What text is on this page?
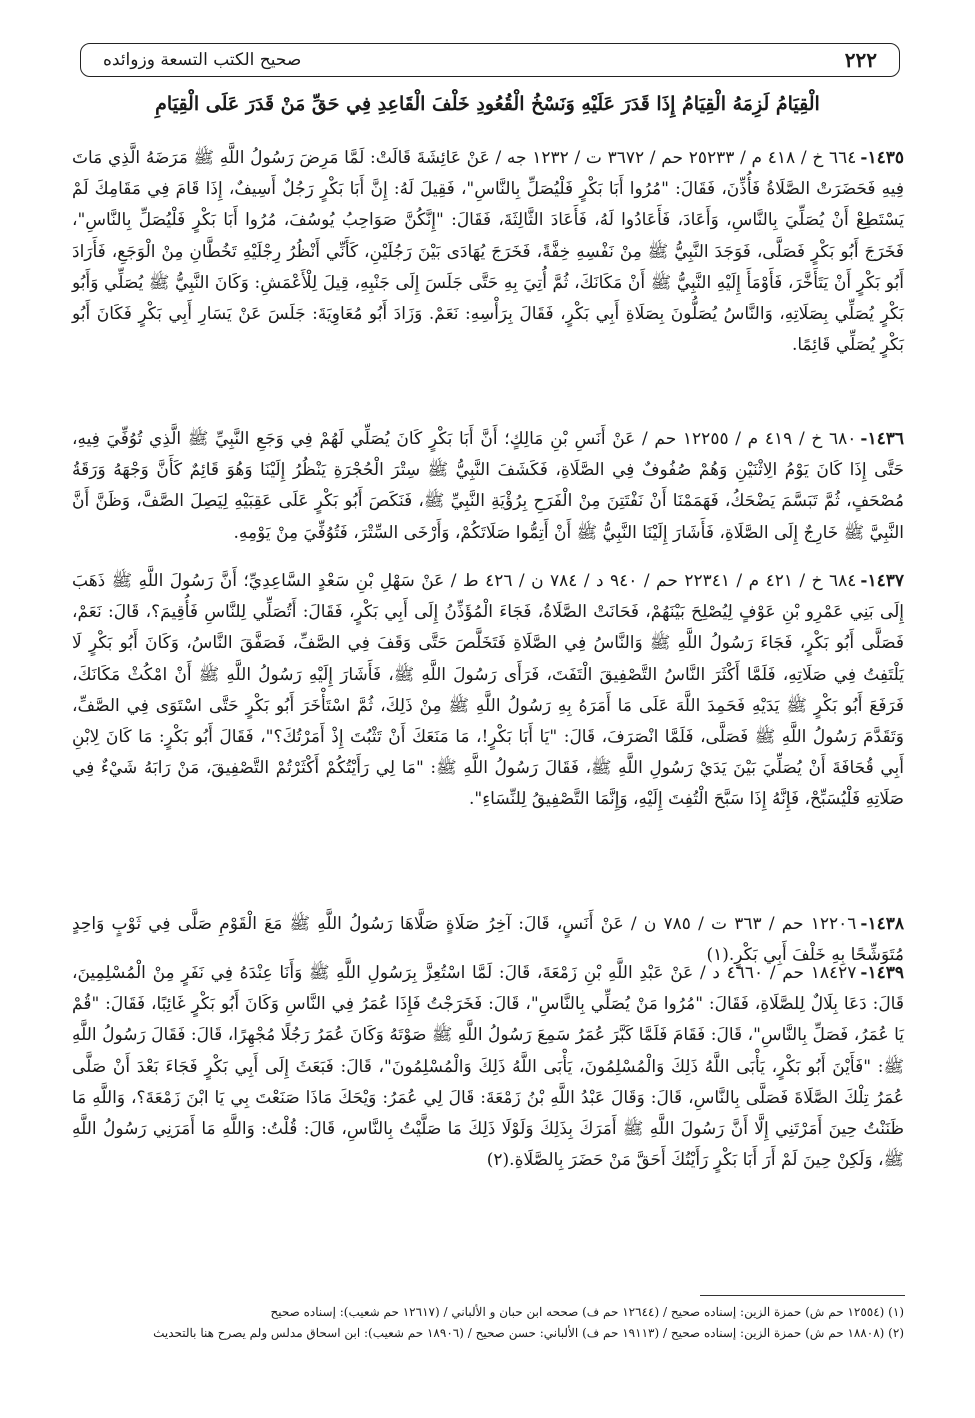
٢٢٢
صحيح الكتب التسعة وزوائده
الْقِيَامُ لَزِمَهُ الْقِيَامُ إِذَا قَدَرَ عَلَيْهِ وَنَسْخُ الْقُعُودِ خَلْفَ الْقَاعِدِ فِي حَقِّ مَنْ قَدَرَ عَلَى الْقِيَامِ

١٤٣٥-٦٦٤ خ / ٤١٨ م / ٢٥٢٣٣ حم / ٣٦٧٢ ت / ١٢٣٢ جه / عَنْ عَائِشَةَ قَالَتْ: لَمَّا مَرِضَ رَسُولُ اللَّهِ ﷺ مَرَضَهُ الَّذِي مَاتَ فِيهِ فَحَضَرَتْ الصَّلَاةُ فَأُذِّنَ، فَقَالَ: "مُرُوا أَبَا بَكْرٍ فَلْيُصَلِّ بِالنَّاسِ"، فَقِيلَ لَهُ: إِنَّ أَبَا بَكْرٍ رَجُلٌ أَسِيفٌ، إِذَا قَامَ فِي مَقَامِكَ لَمْ يَسْتَطِعْ أَنْ يُصَلِّيَ بِالنَّاسِ، وَأَعَادَ، فَأَعَادُوا لَهُ، فَأَعَادَ الثَّالِثَةَ، فَقَالَ: "إِنَّكُنَّ صَوَاحِبُ يُوسُفَ، مُرُوا أَبَا بَكْرٍ فَلْيُصَلِّ بِالنَّاسِ"، فَخَرَجَ أَبُو بَكْرٍ فَصَلَّى، فَوَجَدَ النَّبِيُّ ﷺ مِنْ نَفْسِهِ خِفَّةً، فَخَرَجَ يُهَادَى بَيْنَ رَجُلَيْنِ، كَأَنِّي أَنْظُرُ رِجْلَيْهِ تَخُطَّانِ مِنْ الْوَجَعِ، فَأَرَادَ أَبُو بَكْرٍ أَنْ يَتَأَخَّرَ، فَأَوْمَأَ إِلَيْهِ النَّبِيُّ ﷺ أَنْ مَكَانَكَ، ثُمَّ أُتِيَ بِهِ حَتَّى جَلَسَ إِلَى جَنْبِهِ، قِيلَ لِلْأَعْمَشِ: وَكَانَ النَّبِيُّ ﷺ يُصَلِّي وَأَبُو بَكْرٍ يُصَلِّي بِصَلَاتِهِ، وَالنَّاسُ يُصَلُّونَ بِصَلَاةِ أَبِي بَكْرٍ، فَقَالَ بِرَأْسِهِ: نَعَمْ. وَزَادَ أَبُو مُعَاوِيَةَ: جَلَسَ عَنْ يَسَارِ أَبِي بَكْرٍ فَكَانَ أَبُو بَكْرٍ يُصَلِّي قَائِمًا.

١٤٣٦-٦٨٠ خ / ٤١٩ م / ١٢٢٥٥ حم / عَنْ أَنَسِ بْنِ مَالِكٍ؛ أَنَّ أَبَا بَكْرٍ كَانَ يُصَلِّي لَهُمْ فِي وَجَعِ النَّبِيِّ ﷺ الَّذِي تُوُفِّيَ فِيهِ، حَتَّى إِذَا كَانَ يَوْمُ الِاثْنَيْنِ وَهُمْ صُفُوفٌ فِي الصَّلَاةِ، فَكَشَفَ النَّبِيُّ ﷺ سِتْرَ الْحُجْرَةِ يَنْظُرُ إِلَيْنَا وَهُوَ قَائِمٌ كَأَنَّ وَجْهَهُ وَرَقَةُ مُصْحَفٍ، ثُمَّ تَبَسَّمَ يَضْحَكُ، فَهَمَمْنَا أَنْ نَفْتَتِنَ مِنْ الْفَرَحِ بِرُؤْيَةِ النَّبِيِّ ﷺ، فَنَكَصَ أَبُو بَكْرٍ عَلَى عَقِبَيْهِ لِيَصِلَ الصَّفَّ، وَظَنَّ أَنَّ النَّبِيَّ ﷺ خَارِجٌ إِلَى الصَّلَاةِ، فَأَشَارَ إِلَيْنَا النَّبِيُّ ﷺ أَنْ أَتِمُّوا صَلَاتَكُمْ، وَأَرْخَى السِّتْرَ، فَتُوُفِّيَ مِنْ يَوْمِهِ.

١٤٣٧-٦٨٤ خ / ٤٢١ م / ٢٢٣٤١ حم / ٩٤٠ د / ٧٨٤ ن / ٤٢٦ ط / عَنْ سَهْلِ بْنِ سَعْدٍ السَّاعِدِيِّ؛ أَنَّ رَسُولَ اللَّهِ ﷺ ذَهَبَ إِلَى بَنِي عَمْرِو بْنِ عَوْفٍ لِيُصْلِحَ بَيْنَهُمْ، فَحَانَتْ الصَّلَاةُ، فَجَاءَ الْمُؤَذِّنُ إِلَى أَبِي بَكْرٍ، فَقَالَ: أَتُصَلِّي لِلنَّاسِ فَأُقِيمَ؟، قَالَ: نَعَمْ، فَصَلَّى أَبُو بَكْرٍ، فَجَاءَ رَسُولُ اللَّهِ ﷺ وَالنَّاسُ فِي الصَّلَاةِ فَتَخَلَّصَ حَتَّى وَقَفَ فِي الصَّفِّ، فَصَفَّقَ النَّاسُ، وَكَانَ أَبُو بَكْرٍ لَا يَلْتَفِتُ فِي صَلَاتِهِ، فَلَمَّا أَكْثَرَ النَّاسُ التَّصْفِيقَ الْتَفَتَ، فَرَأَى رَسُولَ اللَّهِ ﷺ، فَأَشَارَ إِلَيْهِ رَسُولُ اللَّهِ ﷺ أَنْ امْكُثْ مَكَانَكَ، فَرَفَعَ أَبُو بَكْرٍ ﷺ يَدَيْهِ فَحَمِدَ اللَّهَ عَلَى مَا أَمَرَهُ بِهِ رَسُولُ اللَّهِ ﷺ مِنْ ذَلِكَ، ثُمَّ اسْتَأْخَرَ أَبُو بَكْرٍ حَتَّى اسْتَوَى فِي الصَّفِّ، وَتَقَدَّمَ رَسُولُ اللَّهِ ﷺ فَصَلَّى، فَلَمَّا انْصَرَفَ، قَالَ: "يَا أَبَا بَكْرٍ!، مَا مَنَعَكَ أَنْ تَثْبُتَ إِذْ أَمَرْتُكَ؟"، فَقَالَ أَبُو بَكْرٍ: مَا كَانَ لِابْنِ أَبِي قُحَافَةَ أَنْ يُصَلِّيَ بَيْنَ يَدَيْ رَسُولِ اللَّهِ ﷺ، فَقَالَ رَسُولُ اللَّهِ ﷺ: "مَا لِي رَأَيْتُكُمْ أَكْثَرْتُمْ التَّصْفِيقَ، مَنْ رَابَهُ شَيْءٌ فِي صَلَاتِهِ فَلْيُسَبِّحْ، فَإِنَّهُ إِذَا سَبَّحَ الْتُفِتَ إِلَيْهِ، وَإِنَّمَا التَّصْفِيقُ لِلنِّسَاءِ".

١٤٣٨-١٢٢٠٦ حم / ٣٦٣ ت / ٧٨٥ ن / عَنْ أَنَسٍ، قَالَ: آخِرُ صَلَاةٍ صَلَّاهَا رَسُولُ اللَّهِ ﷺ مَعَ الْقَوْمِ صَلَّى فِي ثَوْبٍ وَاحِدٍ مُتَوَشِّحًا بِهِ خَلْفَ أَبِي بَكْرٍ.(١)

١٤٣٩-١٨٤٢٧ حم / ٤٦٦٠ د / عَنْ عَبْدِ اللَّهِ بْنِ زَمْعَةَ، قَالَ: لَمَّا اسْتُعِزَّ بِرَسُولِ اللَّهِ ﷺ وَأَنَا عِنْدَهُ فِي نَفَرٍ مِنْ الْمُسْلِمِينَ، قَالَ: دَعَا بِلَالٌ لِلصَّلَاةِ، فَقَالَ: "مُرُوا مَنْ يُصَلِّي بِالنَّاسِ"، قَالَ: فَخَرَجْتُ فَإِذَا عُمَرُ فِي النَّاسِ وَكَانَ أَبُو بَكْرٍ غَائِبًا، فَقَالَ: "قُمْ يَا عُمَرُ، فَصَلِّ بِالنَّاسِ"، قَالَ: فَقَامَ فَلَمَّا كَبَّرَ عُمَرُ سَمِعَ رَسُولُ اللَّهِ ﷺ صَوْتَهُ وَكَانَ عُمَرُ رَجُلًا مُجْهِرًا، قَالَ: فَقَالَ رَسُولُ اللَّهِ ﷺ: "فَأَيْنَ أَبُو بَكْرٍ، يَأْبَى اللَّهُ ذَلِكَ وَالْمُسْلِمُونَ، يَأْبَى اللَّهُ ذَلِكَ وَالْمُسْلِمُونَ"، قَالَ: فَبَعَثَ إِلَى أَبِي بَكْرٍ فَجَاءَ بَعْدَ أَنْ صَلَّى عُمَرُ تِلْكَ الصَّلَاةَ فَصَلَّى بِالنَّاسِ، قَالَ: وَقَالَ عَبْدُ اللَّهِ بْنُ زَمْعَةَ: قَالَ لِي عُمَرُ: وَيْحَكَ مَاذَا صَنَعْتَ بِي يَا ابْنَ زَمْعَةَ؟، وَاللَّهِ مَا ظَنَنْتُ حِينَ أَمَرْتَنِي إِلَّا أَنَّ رَسُولَ اللَّهِ ﷺ أَمَرَكَ بِذَلِكَ وَلَوْلَا ذَلِكَ مَا صَلَّيْتُ بِالنَّاسِ، قَالَ: قُلْتُ: وَاللَّهِ مَا أَمَرَنِي رَسُولُ اللَّهِ ﷺ، وَلَكِنْ حِينَ لَمْ أَرَ أَبَا بَكْرٍ رَأَيْتُكَ أَحَقَّ مَنْ حَضَرَ بِالصَّلَاةِ.(٢)

(١) (١٢٥٥٤ حم ش) حمزة الزين: إسناده صحيح / (١٢٦٤٤ حم ف) صححه ابن حبان و الألباني / (١٢٦١٧ حم شعيب): إسناده صحيح

(٢) (١٨٨٠٨ حم ش) حمزة الزين: إسناده صحيح / (١٩١١٣ حم ف) الألباني: حسن صحيح / (١٨٩٠٦ حم شعيب): ابن اسحاق مدلس ولم يصرح هنا بالتحديث
